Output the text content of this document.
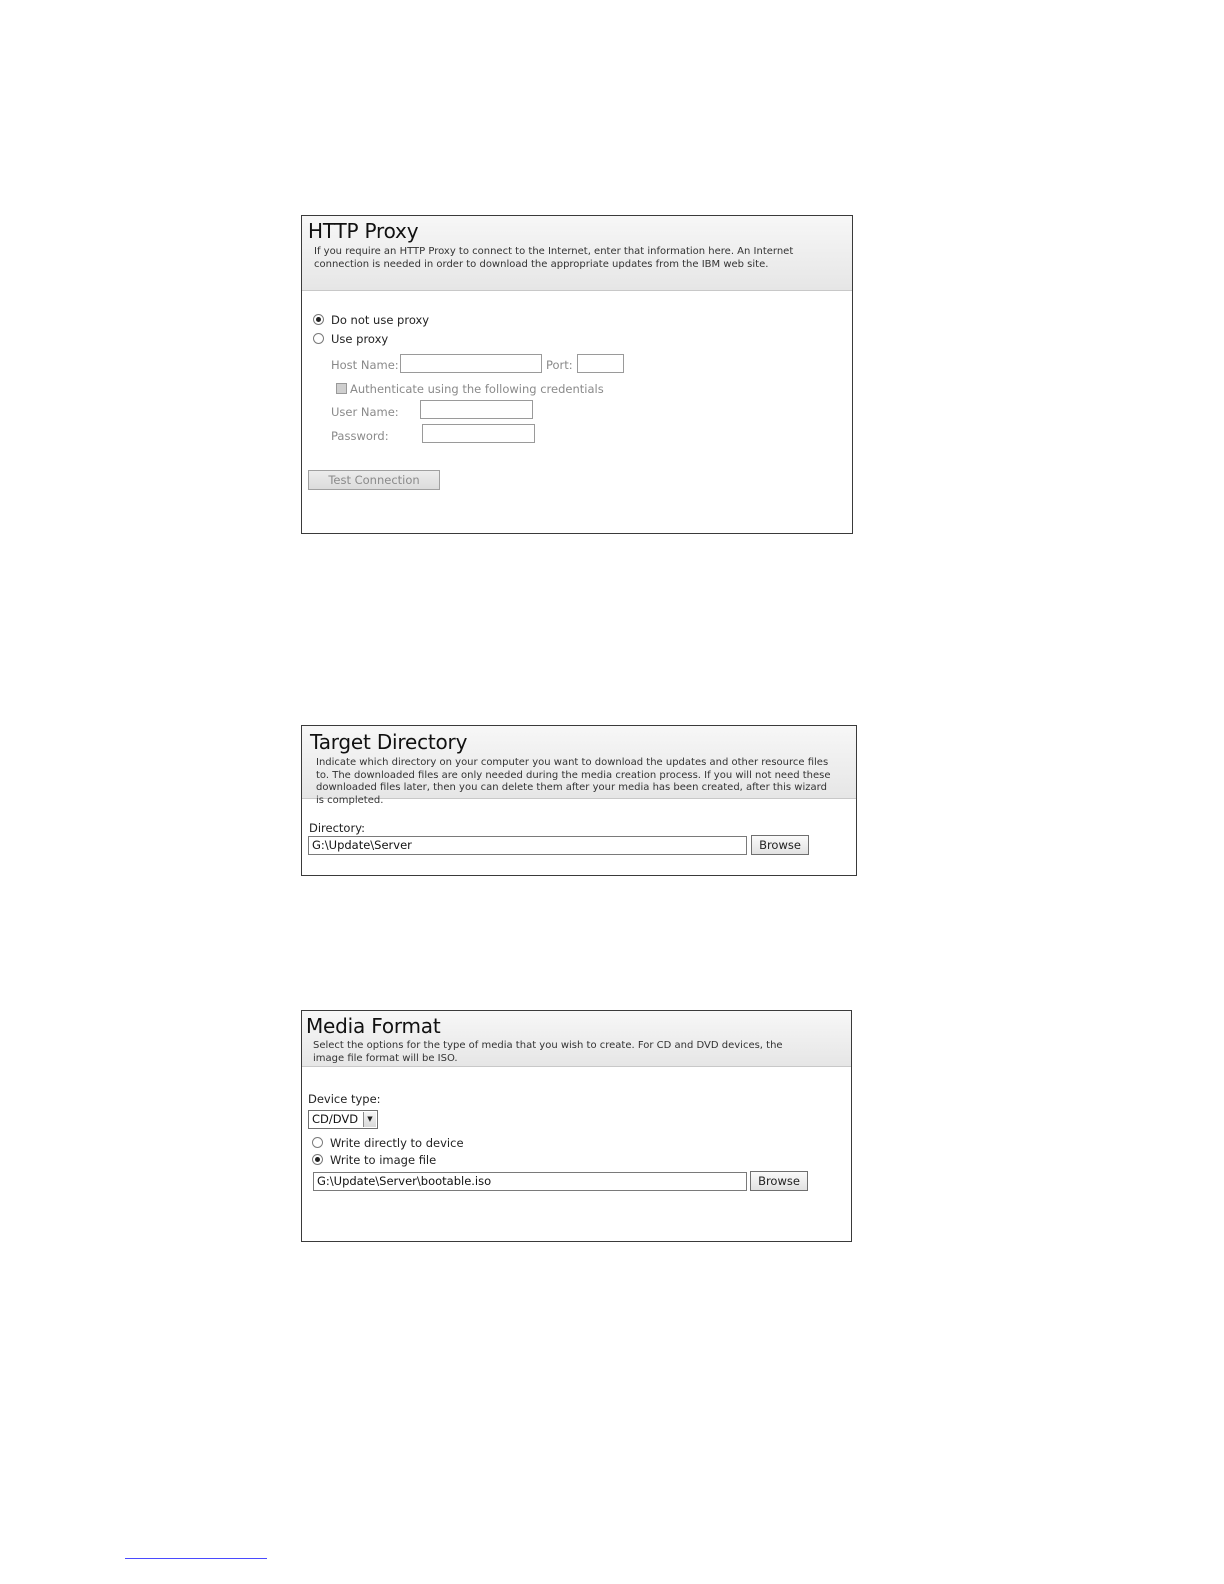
HTTP Proxy
If you require an HTTP Proxy to connect to the Internet, enter that information here. An Internet connection is needed in order to download the appropriate updates from the IBM web site.
Do not use proxy
Use proxy
Host Name:	Port:
Authenticate using the following credentials
User Name:
Password:
Test Connection
Target Directory
Indicate which directory on your computer you want to download the updates and other resource files to. The downloaded files are only needed during the media creation process. If you will not need these downloaded files later, then you can delete them after your media has been created, after this wizard is completed.
Directory:
G:\Update\Server	Browse
Media Format
Select the options for the type of media that you wish to create. For CD and DVD devices, the image file format will be ISO.
Device type:
CD/DVD	▼
Write directly to device
Write to image file
G:\Update\Server\bootable.iso	Browse
